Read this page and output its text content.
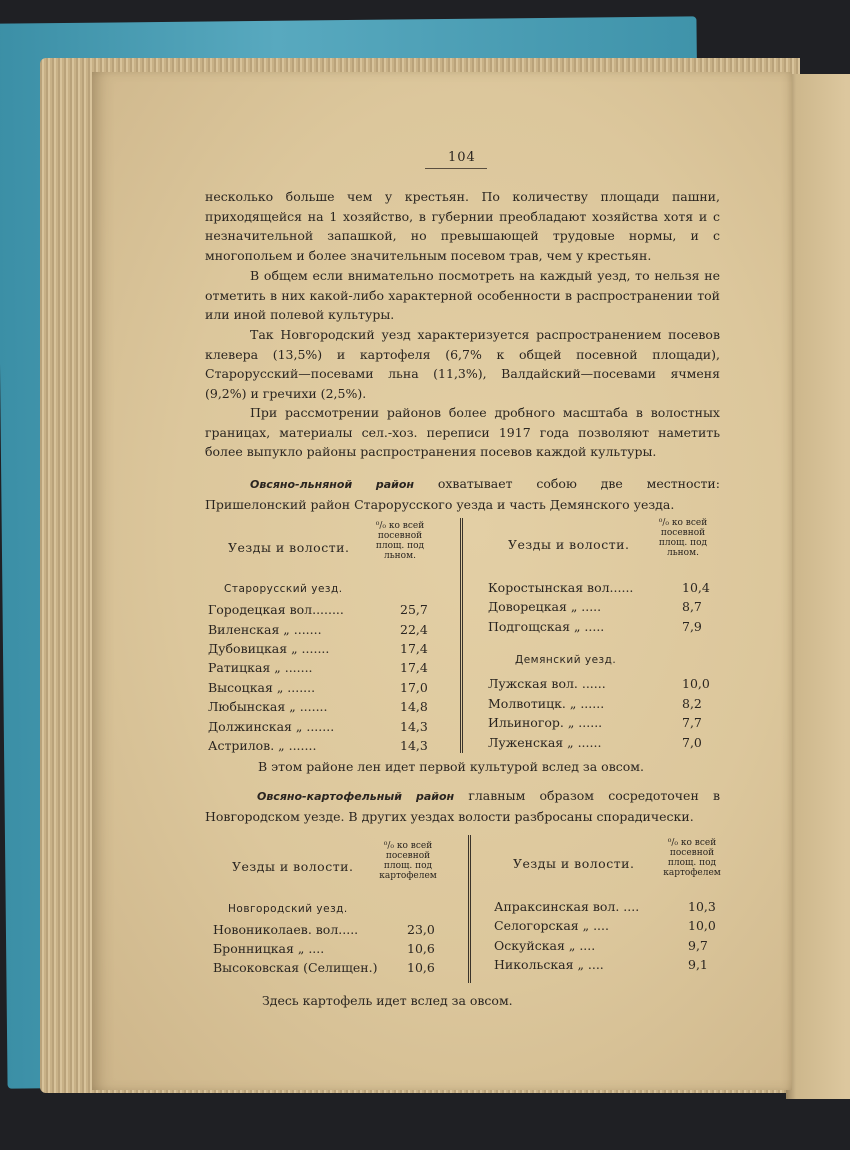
104

несколько больше чем у крестьян. По количеству площади пашни, приходящейся на 1 хозяйство, в губернии преобладают хозяйства хотя и с незначительной запашкой, но превышающей трудовые нормы, и с многопольем и более значительным посевом трав, чем у крестьян.

В общем если внимательно посмотреть на каждый уезд, то нельзя не отметить в них какой-либо характерной особенности в распространении той или иной полевой культуры.

Так Новгородский уезд характеризуется распространением посевов клевера (13,5%) и картофеля (6,7% к общей посевной площади), Старорусский—посевами льна (11,3%), Валдайский—посевами ячменя (9,2%) и гречихи (2,5%).

При рассмотрении районов более дробного масштаба в волостных границах, материалы сел.-хоз. переписи 1917 года позволяют наметить более выпукло районы распространения посевов каждой культуры.

Овсяно-льняной район охватывает собою две местности: Пришелонский район Старорусского уезда и часть Демянского уезда.

Уезды и волости.
⁰/₀ ко всей
посевной
площ. под
льном.
Уезды и волости.
⁰/₀ ко всей
посевной
площ. под
льном.
Старорусский уезд.
Городецкая вол........	25,7
Виленская „ .......	22,4
Дубовицкая „ .......	17,4
Ратицкая „ .......	17,4
Высоцкая „ .......	17,0
Любынская „ .......	14,8
Должинская „ .......	14,3
Астрилов. „ .......	14,3
Коростынская вол......	10,4
Доворецкая „ .....	8,7
Подгощская „ .....	7,9
Демянский уезд.
Лужская вол. ......	10,0
Молвотицк. „ ......	8,2
Ильиногор. „ ......	7,7
Луженская „ ......	7,0
В этом районе лен идет первой культурой вслед за овсом.

Овсяно-картофельный район главным образом сосредоточен в Новгородском уезде. В других уездах волости разбросаны спорадически.

Уезды и волости.
⁰/₀ ко всей
посевной
площ. под
картофелем
Уезды и волости.
⁰/₀ ко всей
посевной
площ. под
картофелем
Новгородский уезд.
Новониколаев. вол.....	23,0
Бронницкая „ ....	10,6
Высоковская (Селищен.) 10,6
Апраксинская вол. ....	10,3
Селогорская „ ....	10,0
Оскуйская „ ....	9,7
Никольская „ ....	9,1
Здесь картофель идет вслед за овсом.
